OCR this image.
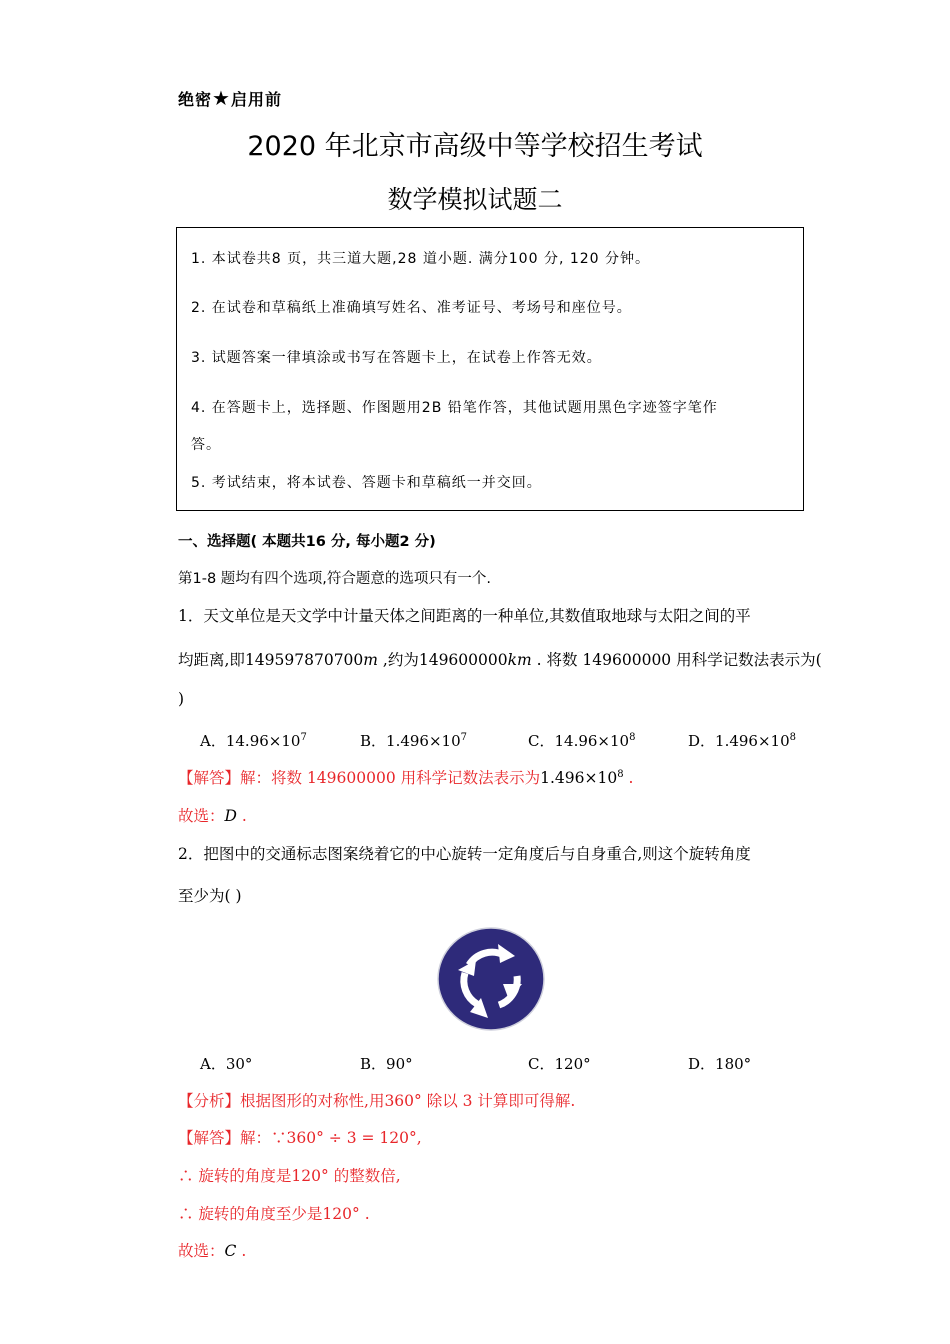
绝密★启用前
2020 年北京市高级中等学校招生考试
数学模拟试题二
1. 本试卷共8 页，共三道大题,28 道小题. 满分100 分, 120 分钟。
2. 在试卷和草稿纸上准确填写姓名、准考证号、考场号和座位号。
3. 试题答案一律填涂或书写在答题卡上，在试卷上作答无效。
4. 在答题卡上，选择题、作图题用2B 铅笔作答，其他试题用黑色字迹签字笔作
答。
5. 考试结束，将本试卷、答题卡和草稿纸一并交回。
一、选择题( 本题共16 分, 每小题2 分)
第1-8 题均有四个选项,符合题意的选项只有一个.
1．天文单位是天文学中计量天体之间距离的一种单位,其数值取地球与太阳之间的平
均距离,即149597870700m ,约为149600000km . 将数 149600000 用科学记数法表示为(
)
A．$14.96\times 10^7$	B．$1.496\times 10^7$	C．$14.96\times 10^8$	D．$1.496\times 10^8$
【解答】解：将数 149600000 用科学记数法表示为$1.496\times 10^8$ .
故选：D .
2．把图中的交通标志图案绕着它的中心旋转一定角度后与自身重合,则这个旋转角度
至少为( )
A．30°	B．90°	C．120°	D．180°
【分析】根据图形的对称性,用360° 除以 3 计算即可得解.
【解答】解：∵360° ÷ 3 = 120°,
∴ 旋转的角度是120° 的整数倍,
∴ 旋转的角度至少是120° .
故选：C .
